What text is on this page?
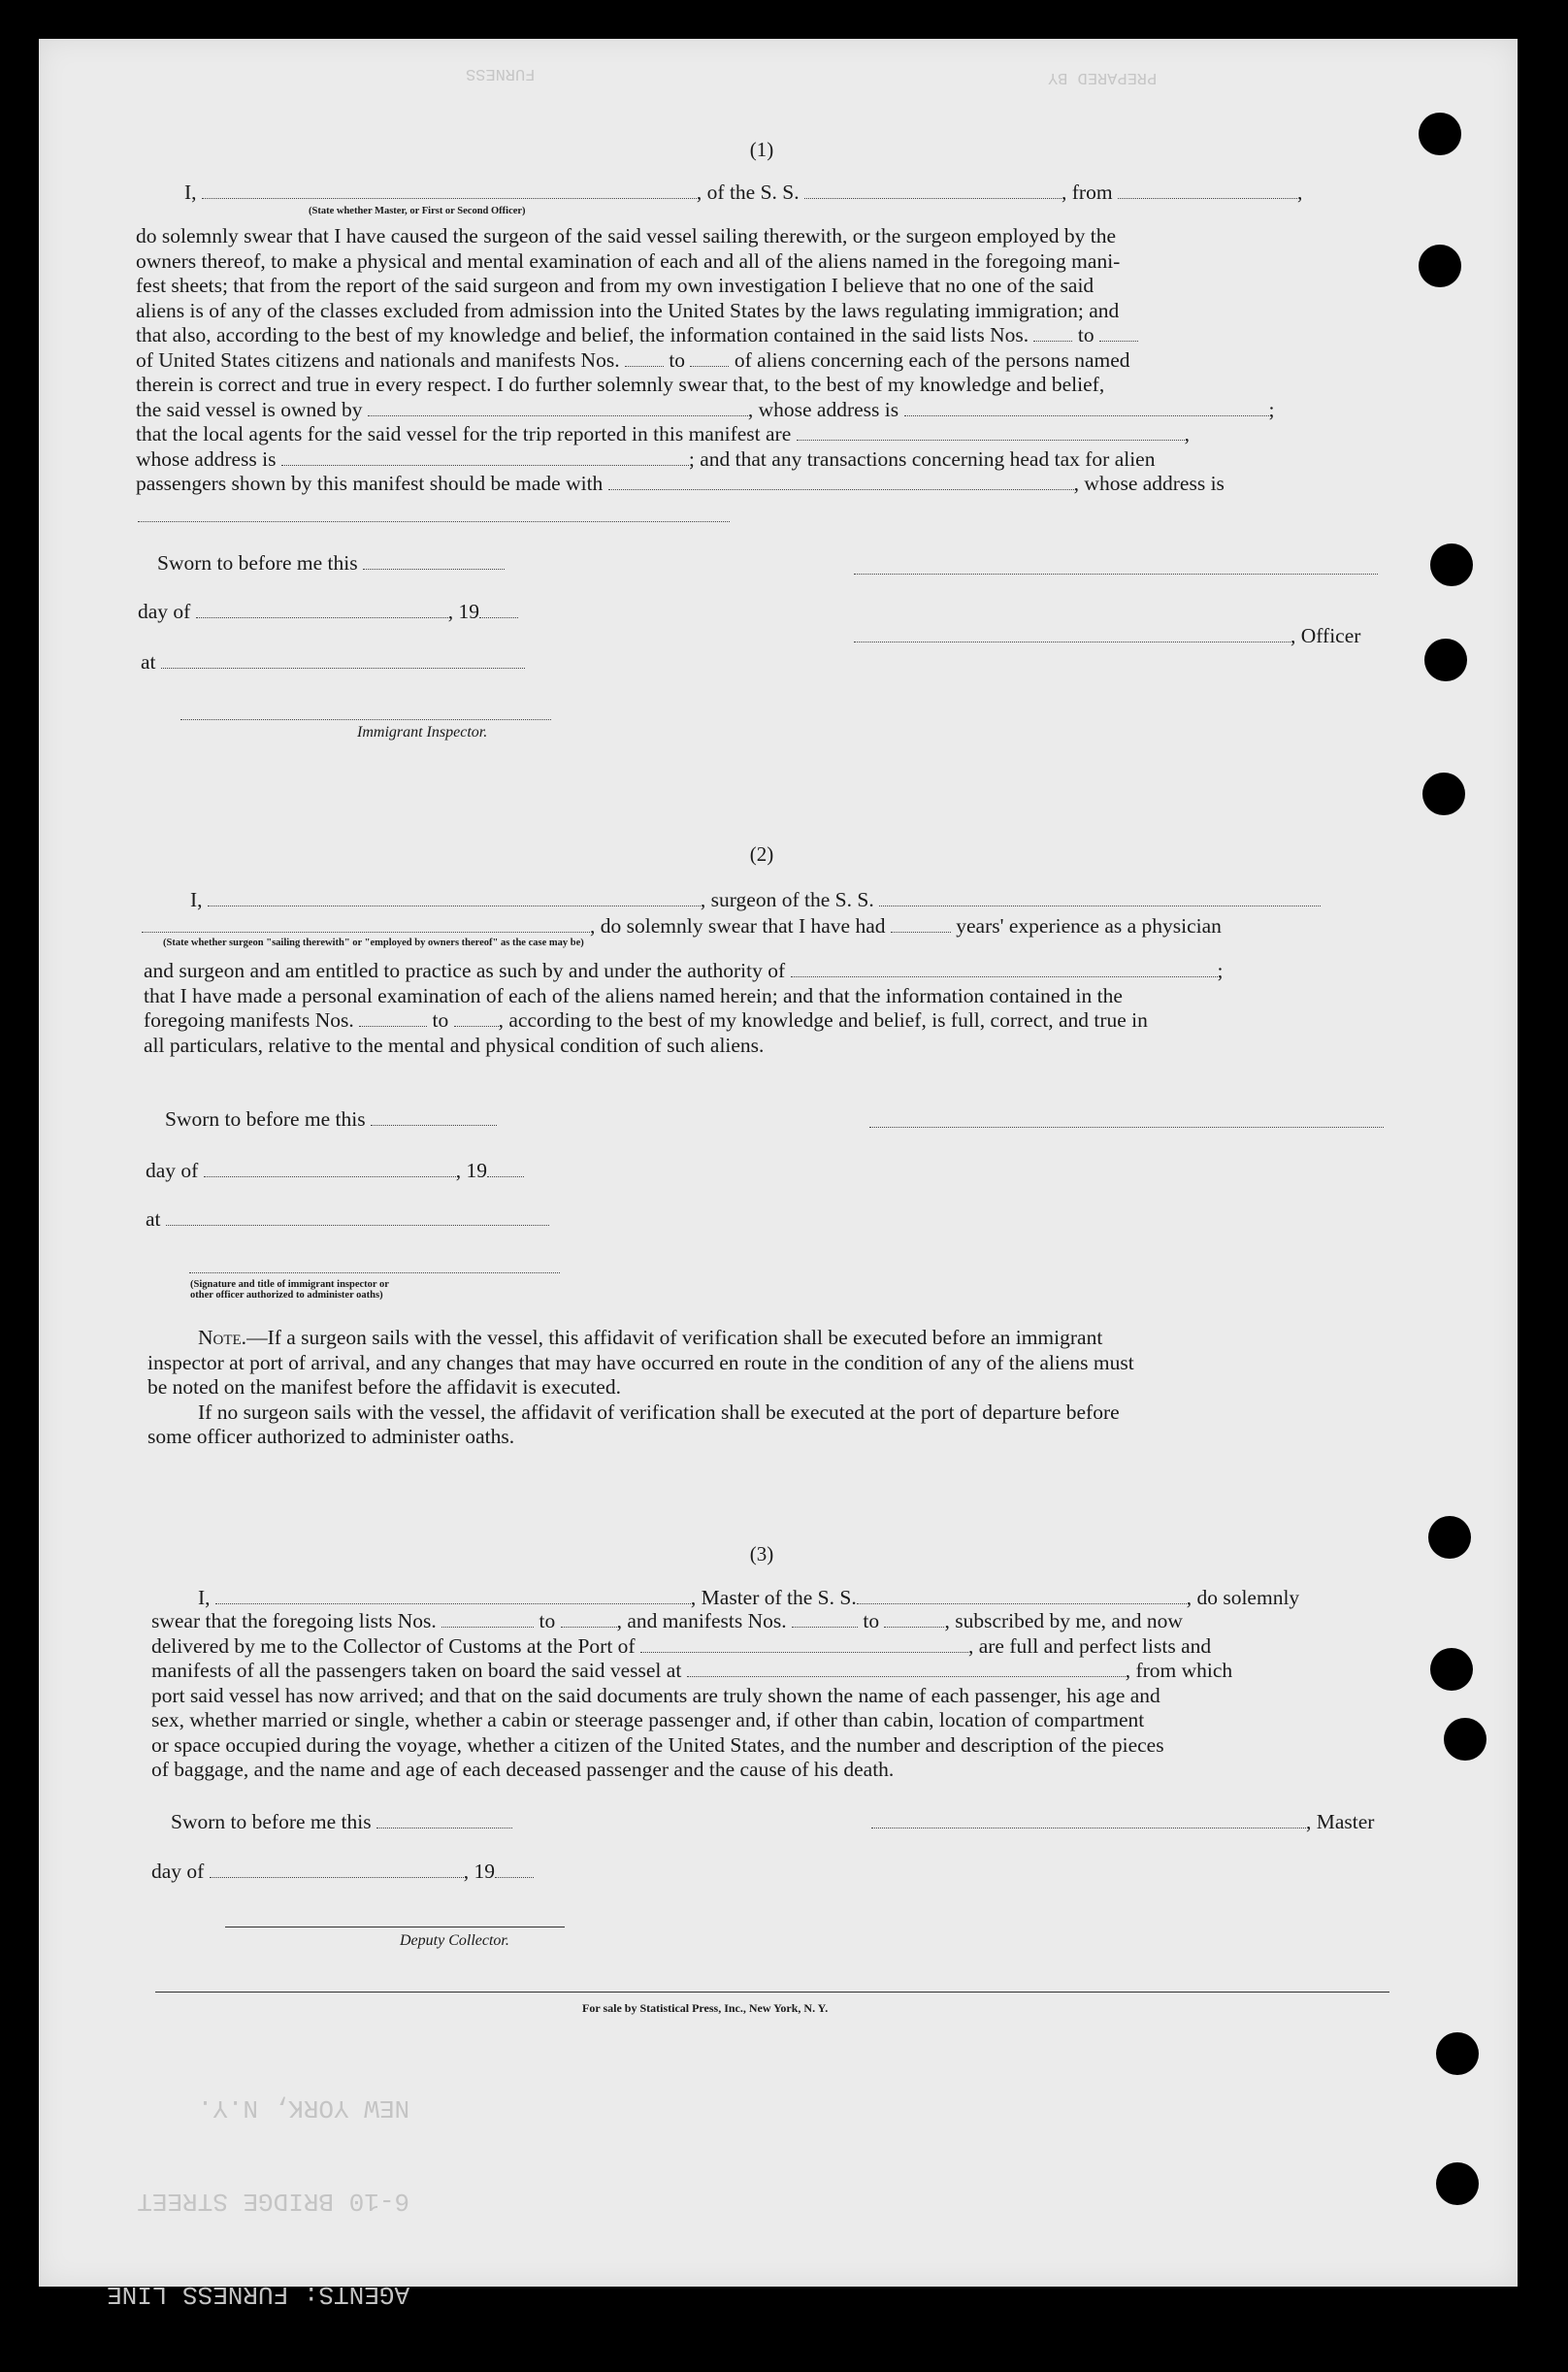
FURNESS	PREPARED BY
(1)
I,	, of the S. S.	, from	,
(State whether Master, or First or Second Officer)
do solemnly swear that I have caused the surgeon of the said vessel sailing therewith, or the surgeon employed by the
owners thereof, to make a physical and mental examination of each and all of the aliens named in the foregoing mani-
fest sheets; that from the report of the said surgeon and from my own investigation I believe that no one of the said
aliens is of any of the classes excluded from admission into the United States by the laws regulating immigration; and
that also, according to the best of my knowledge and belief, the information contained in the said lists Nos. to
of United States citizens and nationals and manifests Nos. to of aliens concerning each of the persons named
therein is correct and true in every respect. I do further solemnly swear that, to the best of my knowledge and belief,
the said vessel is owned by	, whose address is	;
that the local agents for the said vessel for the trip reported in this manifest are	,
whose address is	; and that any transactions concerning head tax for alien
passengers shown by this manifest should be made with	, whose address is
Sworn to before me this
day of	, 19
, Officer
at
Immigrant Inspector.
(2)
I,	, surgeon of the S. S.
, do solemnly swear that I have had	years' experience as a physician
(State whether surgeon "sailing therewith" or "employed by owners thereof" as the case may be)
and surgeon and am entitled to practice as such by and under the authority of	;
that I have made a personal examination of each of the aliens named herein; and that the information contained in the
foregoing manifests Nos.	to , according to the best of my knowledge and belief, is full, correct, and true in
all particulars, relative to the mental and physical condition of such aliens.
Sworn to before me this
day of	, 19
at
(Signature and title of immigrant inspector or
other officer authorized to administer oaths)
Note.—If a surgeon sails with the vessel, this affidavit of verification shall be executed before an immigrant
inspector at port of arrival, and any changes that may have occurred en route in the condition of any of the aliens must
be noted on the manifest before the affidavit is executed.
If no surgeon sails with the vessel, the affidavit of verification shall be executed at the port of departure before
some officer authorized to administer oaths.
(3)
I,	, Master of the S. S.	, do solemnly
swear that the foregoing lists Nos.	to	, and manifests Nos.	to	, subscribed by me, and now
delivered by me to the Collector of Customs at the Port of	, are full and perfect lists and
manifests of all the passengers taken on board the said vessel at	, from which
port said vessel has now arrived; and that on the said documents are truly shown the name of each passenger, his age and
sex, whether married or single, whether a cabin or steerage passenger and, if other than cabin, location of compartment
or space occupied during the voyage, whether a citizen of the United States, and the number and description of the pieces
of baggage, and the name and age of each deceased passenger and the cause of his death.
Sworn to before me this	, Master
day of	, 19
Deputy Collector.
For sale by Statistical Press, Inc., New York, N. Y.

AGENTS: FURNESS LINE

6-10 BRIDGE STREET

NEW YORK, N.Y.
